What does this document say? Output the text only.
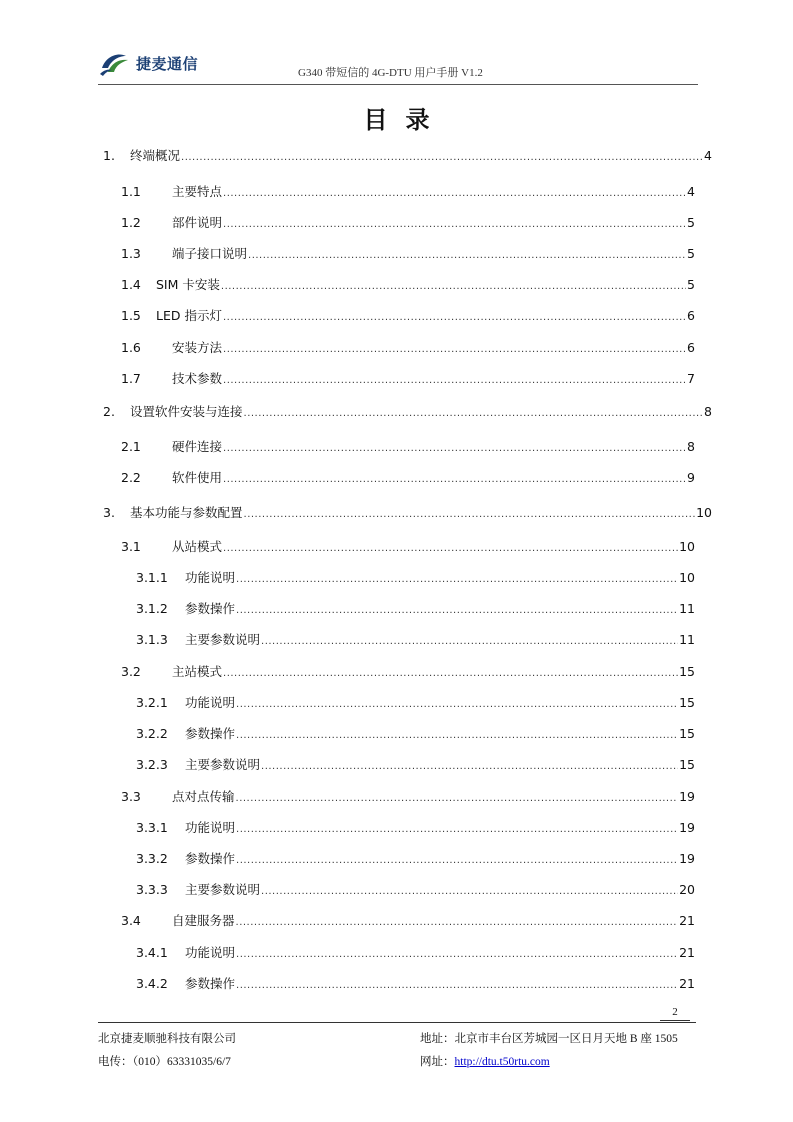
捷麦通信
G340 带短信的 4G-DTU 用户手册 V1.2
目录
1.	终端概况 .....	4
1.1	主要特点 .....	4
1.2	部件说明 .....	5
1.3	端子接口说明 .....	5
1.4	SIM 卡安装 .....	5
1.5	LED 指示灯 .....	6
1.6	安装方法 .....	6
1.7	技术参数 .....	7
2.	设置软件安装与连接 .....	8
2.1	硬件连接 .....	8
2.2	软件使用 .....	9
3.	基本功能与参数配置 .....	10
3.1	从站模式 .....	10
3.1.1	功能说明 .....	10
3.1.2	参数操作 .....	11
3.1.3	主要参数说明 .....	11
3.2	主站模式 .....	15
3.2.1	功能说明 .....	15
3.2.2	参数操作 .....	15
3.2.3	主要参数说明 .....	15
3.3	点对点传输 .....	19
3.3.1	功能说明 .....	19
3.3.2	参数操作 .....	19
3.3.3	主要参数说明 .....	20
3.4	自建服务器 .....	21
3.4.1	功能说明 .....	21
3.4.2	参数操作 .....	21
2
北京捷麦顺驰科技有限公司
电传：（010）63331035/6/7
地址：北京市丰台区芳城园一区日月天地 B 座 1505
网址：http://dtu.t50rtu.com
